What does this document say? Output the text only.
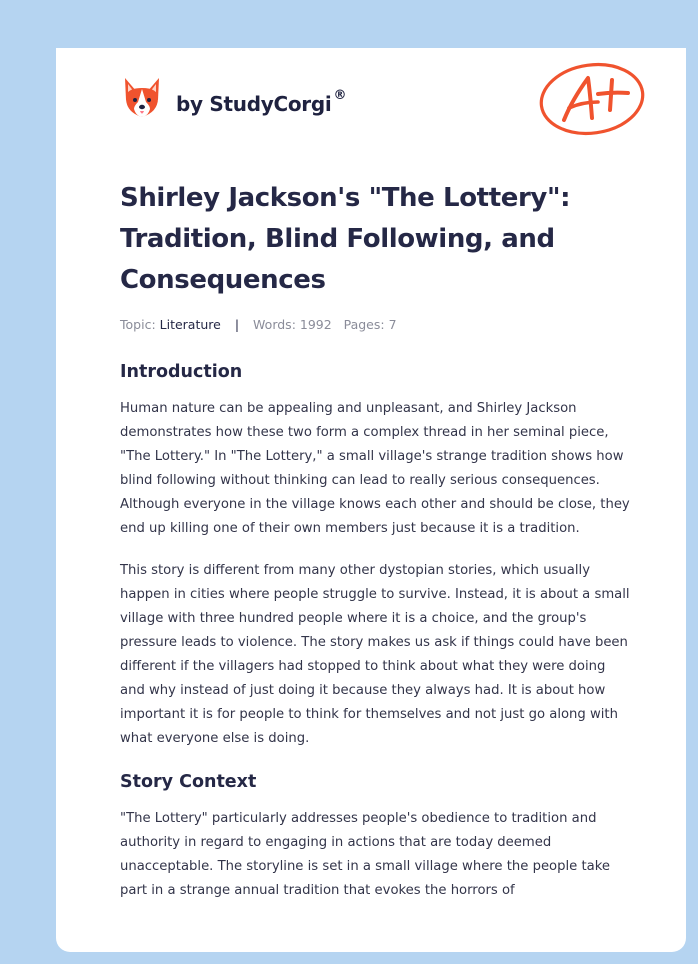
by StudyCorgi ®
Shirley Jackson's "The Lottery": Tradition, Blind Following, and Consequences
Topic: Literature | Words: 1992 Pages: 7
Introduction

Human nature can be appealing and unpleasant, and Shirley Jackson demonstrates how these two form a complex thread in her seminal piece, "The Lottery." In "The Lottery," a small village's strange tradition shows how blind following without thinking can lead to really serious consequences. Although everyone in the village knows each other and should be close, they end up killing one of their own members just because it is a tradition.

This story is different from many other dystopian stories, which usually happen in cities where people struggle to survive. Instead, it is about a small village with three hundred people where it is a choice, and the group's pressure leads to violence. The story makes us ask if things could have been different if the villagers had stopped to think about what they were doing and why instead of just doing it because they always had. It is about how important it is for people to think for themselves and not just go along with what everyone else is doing.

Story Context

"The Lottery" particularly addresses people's obedience to tradition and authority in regard to engaging in actions that are today deemed unacceptable. The storyline is set in a small village where the people take part in a strange annual tradition that evokes the horrors of
